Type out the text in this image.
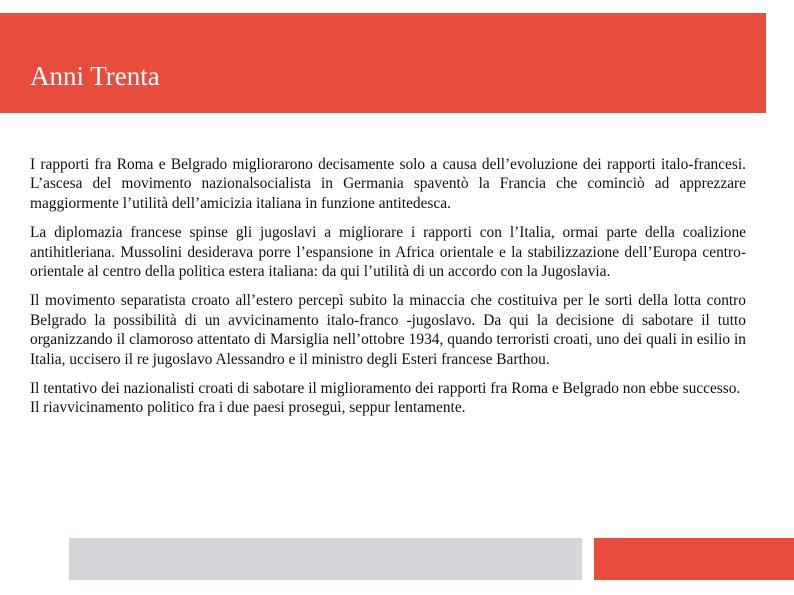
Anni Trenta

I rapporti fra Roma e Belgrado migliorarono decisamente solo a causa dell’evoluzione dei rapporti italo-francesi. L’ascesa del movimento nazionalsocialista in Germania spaventò la Francia che cominciò ad apprezzare maggiormente l’utilità dell’amicizia italiana in funzione antitedesca.

La diplomazia francese spinse gli jugoslavi a migliorare i rapporti con l’Italia, ormai parte della coalizione antihitleriana. Mussolini desiderava porre l’espansione in Africa orientale e la stabilizzazione dell’Europa centro-orientale al centro della politica estera italiana: da qui l’utilità di un accordo con la Jugoslavia.

Il movimento separatista croato all’estero percepì subito la minaccia che costituiva per le sorti della lotta contro Belgrado la possibilità di un avvicinamento italo-franco -jugoslavo. Da qui la decisione di sabotare il tutto organizzando il clamoroso attentato di Marsiglia nell’ottobre 1934, quando terroristi croati, uno dei quali in esilio in Italia, uccisero il re jugoslavo Alessandro e il ministro degli Esteri francese Barthou.

Il tentativo dei nazionalisti croati di sabotare il miglioramento dei rapporti fra Roma e Belgrado non ebbe successo. Il riavvicinamento politico fra i due paesi proseguì, seppur lentamente.
